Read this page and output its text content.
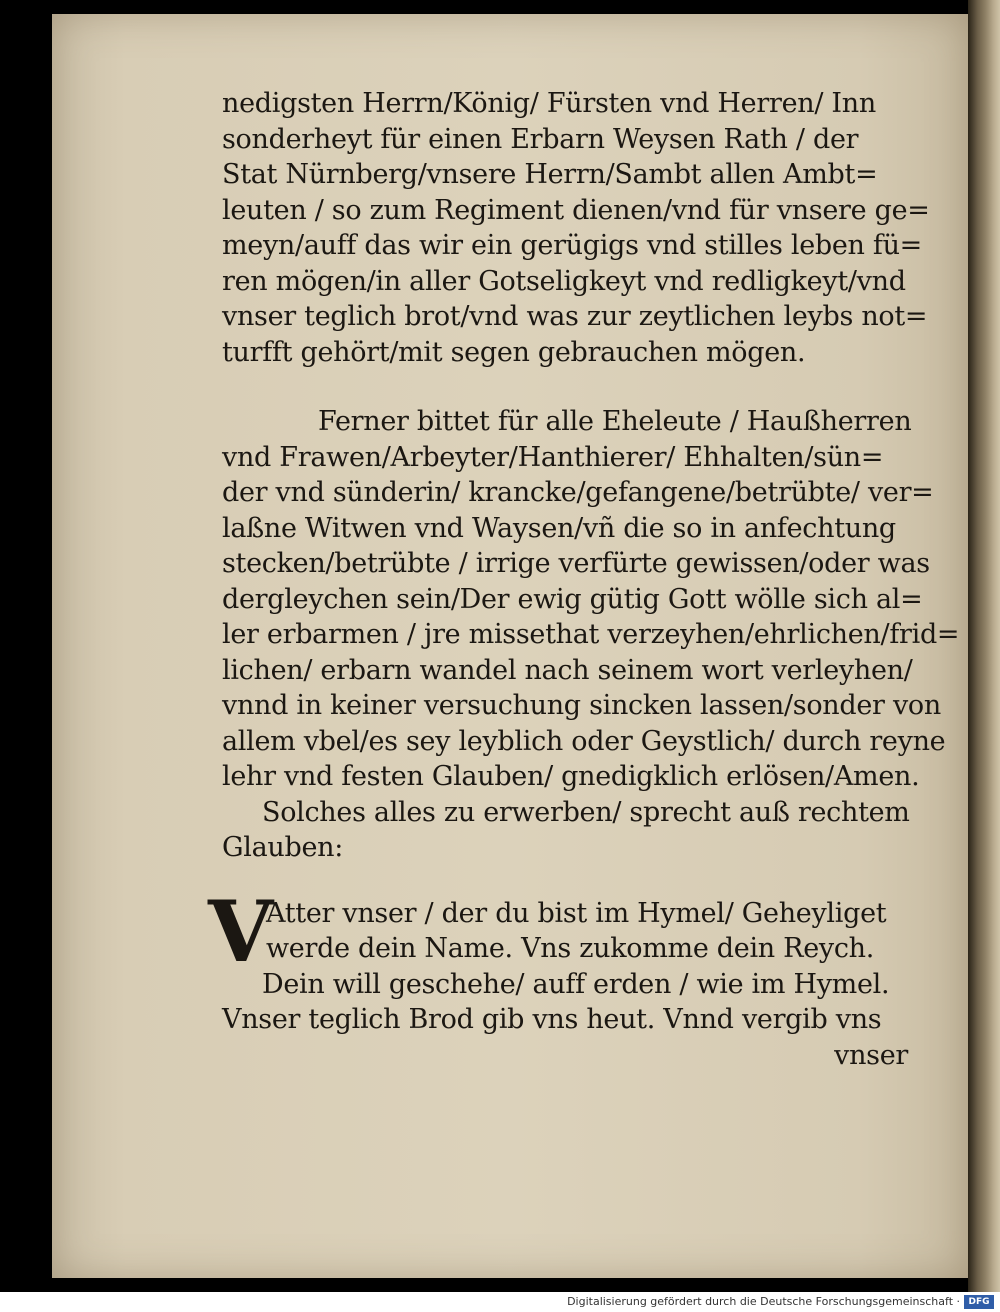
nedigsten Herrn/König/ Fürsten vnd Herren/ Inn
sonderheyt für einen Erbarn Weysen Rath / der
Stat Nürnberg/vnsere Herrn/Sambt allen Ambt=
leuten / so zum Regiment dienen/vnd für vnsere ge=
meyn/auff das wir ein gerügigs vnd stilles leben fü=
ren mögen/in aller Gotseligkeyt vnd redligkeyt/vnd
vnser teglich brot/vnd was zur zeytlichen leybs not=
turfft gehört/mit segen gebrauchen mögen.
Ferner bittet für alle Eheleute / Haußherren
vnd Frawen/Arbeyter/Hanthierer/ Ehhalten/sün=
der vnd sünderin/ krancke/gefangene/betrübte/ ver=
laßne Witwen vnd Waysen/vñ die so in anfechtung
stecken/betrübte / irrige verfürte gewissen/oder was
dergleychen sein/Der ewig gütig Gott wölle sich al=
ler erbarmen / jre missethat verzeyhen/ehrlichen/frid=
lichen/ erbarn wandel nach seinem wort verleyhen/
vnnd in keiner versuchung sincken lassen/sonder von
allem vbel/es sey leyblich oder Geystlich/ durch reyne
lehr vnd festen Glauben/ gnedigklich erlösen/Amen.
Solches alles zu erwerben/ sprecht auß rechtem
Glauben:
V
Atter vnser / der du bist im Hymel/ Geheyliget
werde dein Name. Vns zukomme dein Reych.
Dein will geschehe/ auff erden / wie im Hymel.
Vnser teglich Brod gib vns heut. Vnnd vergib vns
vnser
Digitalisierung gefördert durch die Deutsche Forschungsgemeinschaft · DFG
